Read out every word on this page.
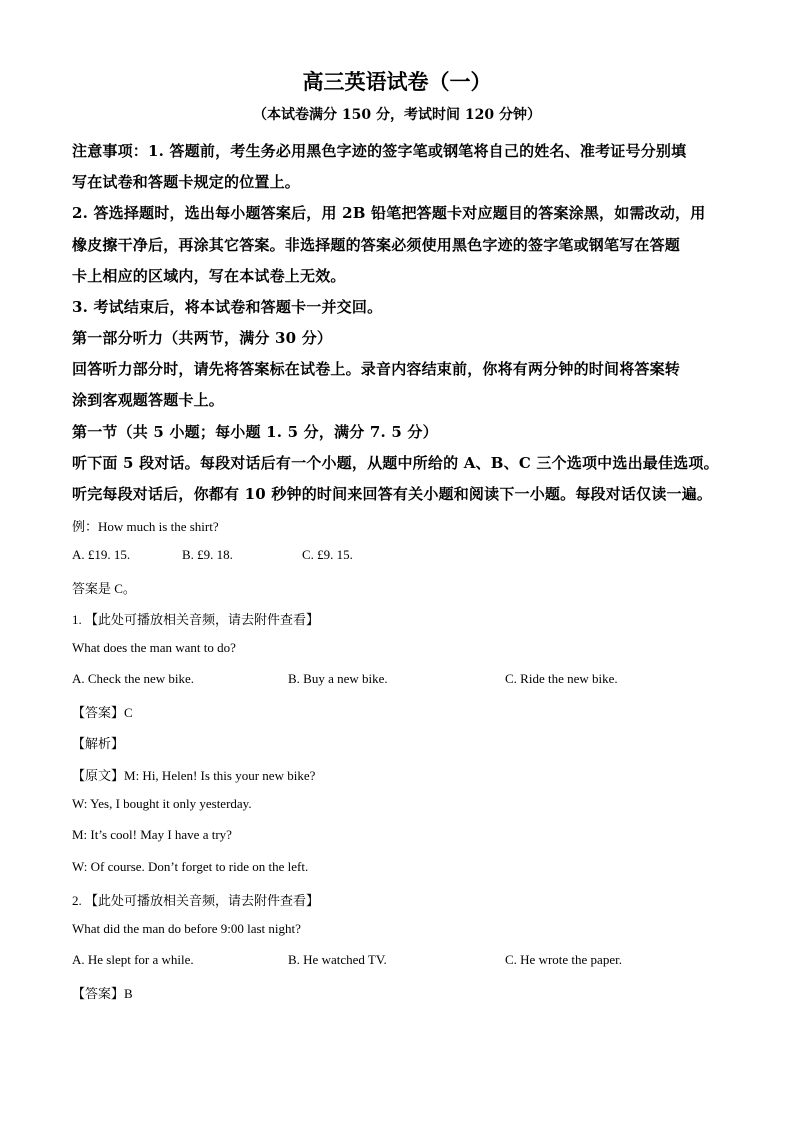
高三英语试卷（一）
（本试卷满分 150 分，考试时间 120 分钟）
注意事项：1. 答题前，考生务必用黑色字迹的签字笔或钢笔将自己的姓名、准考证号分别填
写在试卷和答题卡规定的位置上。
2. 答选择题时，选出每小题答案后，用 2B 铅笔把答题卡对应题目的答案涂黑，如需改动，用
橡皮擦干净后，再涂其它答案。非选择题的答案必须使用黑色字迹的签字笔或钢笔写在答题
卡上相应的区域内，写在本试卷上无效。
3. 考试结束后，将本试卷和答题卡一并交回。
第一部分听力（共两节，满分 30 分）
回答听力部分时，请先将答案标在试卷上。录音内容结束前，你将有两分钟的时间将答案转
涂到客观题答题卡上。
第一节（共 5 小题；每小题 1. 5 分，满分 7. 5 分）
听下面 5 段对话。每段对话后有一个小题，从题中所给的 A、B、C 三个选项中选出最佳选项。
听完每段对话后，你都有 10 秒钟的时间来回答有关小题和阅读下一小题。每段对话仅读一遍。
例：How much is the shirt?
A. £19. 15.	B. £9. 18.	C. £9. 15.
答案是 C。
1. 【此处可播放相关音频，请去附件查看】
What does the man want to do?
A. Check the new bike.	B. Buy a new bike.	C. Ride the new bike.
【答案】C
【解析】
【原文】M: Hi, Helen! Is this your new bike?
W: Yes, I bought it only yesterday.
M: It’s cool! May I have a try?
W: Of course. Don’t forget to ride on the left.
2. 【此处可播放相关音频，请去附件查看】
What did the man do before 9:00 last night?
A. He slept for a while.	B. He watched TV.	C. He wrote the paper.
【答案】B
